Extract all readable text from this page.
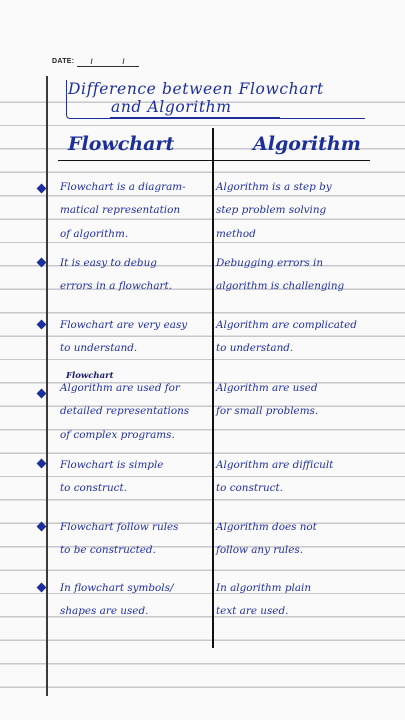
DATE: / /
Difference between Flowchart
and Algorithm
Flowchart	Algorithm
Flowchart is a diagram-
matical representation
of algorithm.
Algorithm is a step by
step problem solving
method
It is easy to debug
errors in a flowchart.
Debugging errors in
algorithm is challenging
Flowchart are very easy
to understand.
Algorithm are complicated
to understand.
Flowchart
Algorithm are used for
detailed representations
of complex programs.
Algorithm are used
for small problems.
Flowchart is simple
to construct.
Algorithm are difficult
to construct.
Flowchart follow rules
to be constructed.
Algorithm does not
follow any rules.
In flowchart symbols/
shapes are used.
In algorithm plain
text are used.
